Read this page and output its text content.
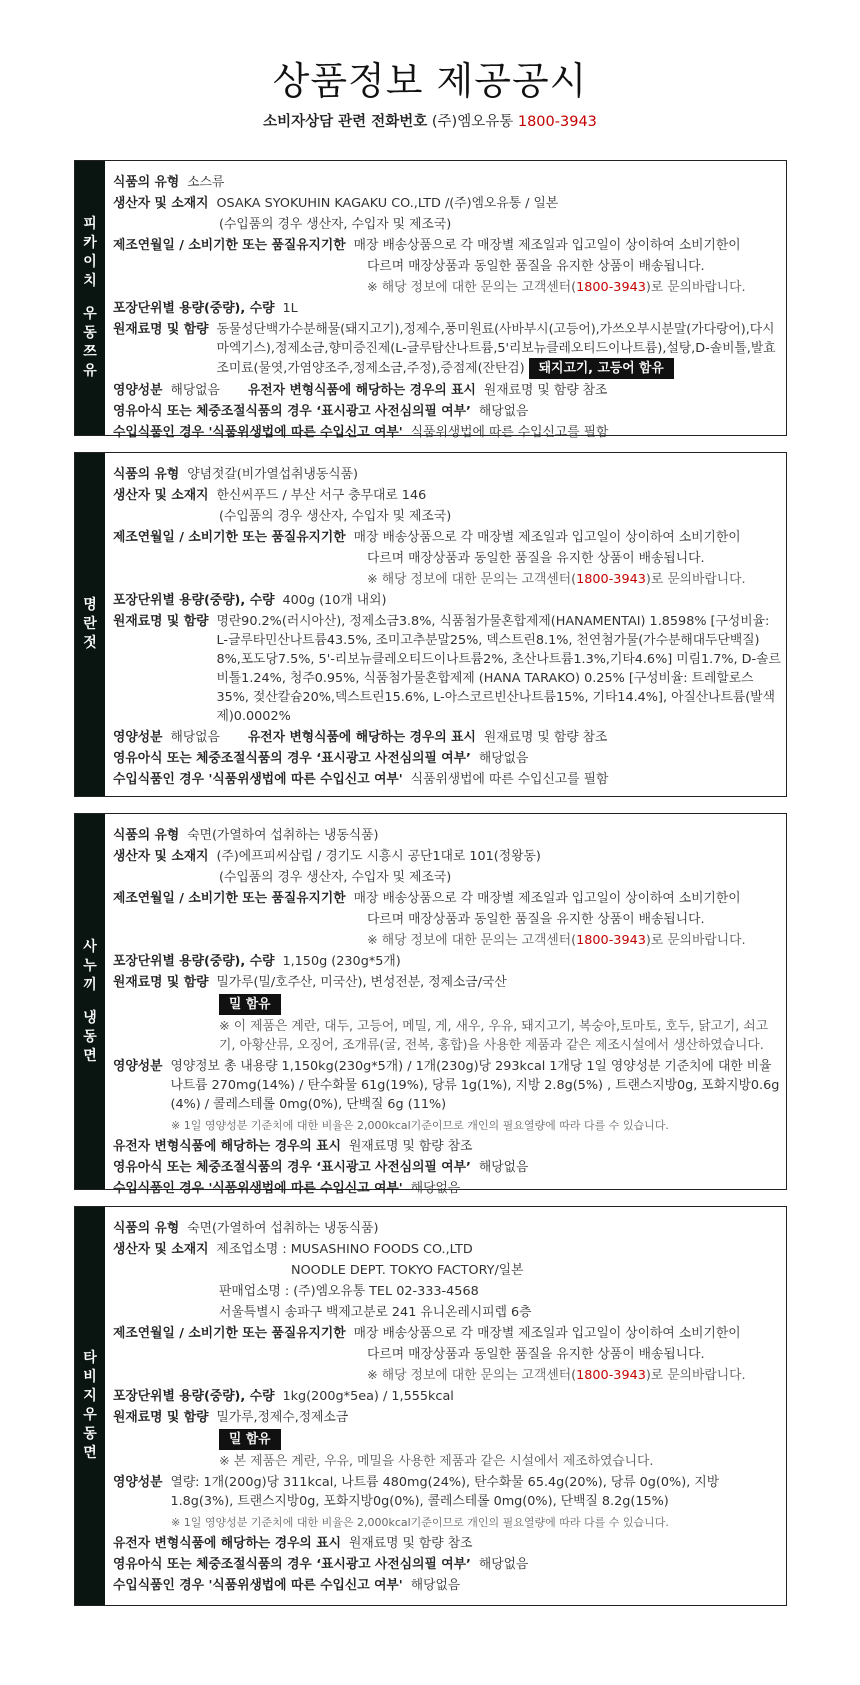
상품정보 제공공시
소비자상담 관련 전화번호 (주)엠오유통 1800-3943
피
카
이
치
우
동
쯔
유
식품의 유형 소스류
생산자 및 소재지 OSAKA SYOKUHIN KAGAKU CO.,LTD /(주)엠오유통 / 일본
(수입품의 경우 생산자, 수입자 및 제조국)
제조연월일 / 소비기한 또는 품질유지기한 매장 배송상품으로 각 매장별 제조일과 입고일이 상이하여 소비기한이
다르며 매장상품과 동일한 품질을 유지한 상품이 배송됩니다.
※ 해당 정보에 대한 문의는 고객센터( 1800-3943 )로 문의바랍니다.
포장단위별 용량(중량), 수량 1L
원재료명 및 함량 동물성단백가수분해물(돼지고기),정제수,풍미원료(사바부시(고등어),가쓰오부시분말(가다랑어),다시마엑기스),정제소금,향미증진제(L-글루탐산나트륨,5'리보뉴클레오티드이나트륨),설탕,D-솔비톨,발효조미료(물엿,가염양조주,정제소금,주정),증점제(잔탄검) 돼지고기, 고등어 함유
영양성분 해당없음 유전자 변형식품에 해당하는 경우의 표시 원재료명 및 함량 참조
영유아식 또는 체중조절식품의 경우 ‘표시광고 사전심의필 여부’ 해당없음
수입식품인 경우 '식품위생법에 따른 수입신고 여부' 식품위생법에 따른 수입신고를 필함
명
란
젓
식품의 유형 양념젓갈(비가열섭취냉동식품)
생산자 및 소재지 한신씨푸드 / 부산 서구 충무대로 146
(수입품의 경우 생산자, 수입자 및 제조국)
제조연월일 / 소비기한 또는 품질유지기한 매장 배송상품으로 각 매장별 제조일과 입고일이 상이하여 소비기한이
다르며 매장상품과 동일한 품질을 유지한 상품이 배송됩니다.
※ 해당 정보에 대한 문의는 고객센터( 1800-3943 )로 문의바랍니다.
포장단위별 용량(중량), 수량 400g (10개 내외)
원재료명 및 함량 명란90.2%(러시아산), 정제소금3.8%, 식품첨가물혼합제제(HANAMENTAI) 1.8598% [구성비율: L-글루타민산나트륨43.5%, 조미고추분말25%, 덱스트린8.1%, 천연첨가물(가수분해대두단백질) 8%,포도당7.5%, 5'-리보뉴클레오티드이나트륨2%, 초산나트륨1.3%,기타4.6%] 미림1.7%, D-솔르비톨1.24%, 청주0.95%, 식품첨가물혼합제제 (HANA TARAKO) 0.25% [구성비율: 트레할로스 35%, 젖산칼슘20%,덱스트린15.6%, L-아스코르빈산나트륨15%, 기타14.4%], 아질산나트륨(발색제)0.0002%
영양성분 해당없음 유전자 변형식품에 해당하는 경우의 표시 원재료명 및 함량 참조
영유아식 또는 체중조절식품의 경우 ‘표시광고 사전심의필 여부’ 해당없음
수입식품인 경우 '식품위생법에 따른 수입신고 여부' 식품위생법에 따른 수입신고를 필함
사
누
끼
냉
동
면
식품의 유형 숙면(가열하여 섭취하는 냉동식품)
생산자 및 소재지 (주)에프피씨삼립 / 경기도 시흥시 공단1대로 101(정왕동)
(수입품의 경우 생산자, 수입자 및 제조국)
제조연월일 / 소비기한 또는 품질유지기한 매장 배송상품으로 각 매장별 제조일과 입고일이 상이하여 소비기한이
다르며 매장상품과 동일한 품질을 유지한 상품이 배송됩니다.
※ 해당 정보에 대한 문의는 고객센터( 1800-3943 )로 문의바랍니다.
포장단위별 용량(중량), 수량 1,150g (230g*5개)
원재료명 및 함량 밀가루(밀/호주산, 미국산), 변성전분, 정제소금/국산
밀 함유
※ 이 제품은 계란, 대두, 고등어, 메밀, 게, 새우, 우유, 돼지고기, 복숭아,토마토, 호두, 닭고기, 쇠고기, 아황산류, 오징어, 조개류(굴, 전복, 홍합)을 사용한 제품과 같은 제조시설에서 생산하였습니다.
영양성분 영양정보 총 내용량 1,150kg(230g*5개) / 1개(230g)당 293kcal 1개당 1일 영양성분 기준치에 대한 비율 나트륨 270mg(14%) / 탄수화물 61g(19%), 당류 1g(1%), 지방 2.8g(5%) , 트랜스지방0g, 포화지방0.6g (4%) / 콜레스테롤 0mg(0%), 단백질 6g (11%)
※ 1일 영양성분 기준치에 대한 비율은 2,000kcal기준이므로 개인의 필요열량에 따라 다를 수 있습니다.
유전자 변형식품에 해당하는 경우의 표시 원재료명 및 함량 참조
영유아식 또는 체중조절식품의 경우 ‘표시광고 사전심의필 여부’ 해당없음
수입식품인 경우 '식품위생법에 따른 수입신고 여부' 해당없음
타
비
지
우
동
면
식품의 유형 숙면(가열하여 섭취하는 냉동식품)
생산자 및 소재지 제조업소명 : MUSASHINO FOODS CO.,LTD
NOODLE DEPT. TOKYO FACTORY/일본
판매업소명 : (주)엠오유통 TEL 02-333-4568
서울특별시 송파구 백제고분로 241 유니온레시피렙 6층
제조연월일 / 소비기한 또는 품질유지기한 매장 배송상품으로 각 매장별 제조일과 입고일이 상이하여 소비기한이
다르며 매장상품과 동일한 품질을 유지한 상품이 배송됩니다.
※ 해당 정보에 대한 문의는 고객센터( 1800-3943 )로 문의바랍니다.
포장단위별 용량(중량), 수량 1kg(200g*5ea) / 1,555kcal
원재료명 및 함량 밀가루,정제수,정제소금
밀 함유
※ 본 제품은 계란, 우유, 메밀을 사용한 제품과 같은 시설에서 제조하였습니다.
영양성분 열량: 1개(200g)당 311kcal, 나트륨 480mg(24%), 탄수화물 65.4g(20%), 당류 0g(0%), 지방 1.8g(3%), 트랜스지방0g, 포화지방0g(0%), 콜레스테롤 0mg(0%), 단백질 8.2g(15%)
※ 1일 영양성분 기준치에 대한 비율은 2,000kcal기준이므로 개인의 필요열량에 따라 다를 수 있습니다.
유전자 변형식품에 해당하는 경우의 표시 원재료명 및 함량 참조
영유아식 또는 체중조절식품의 경우 ‘표시광고 사전심의필 여부’ 해당없음
수입식품인 경우 '식품위생법에 따른 수입신고 여부' 해당없음
